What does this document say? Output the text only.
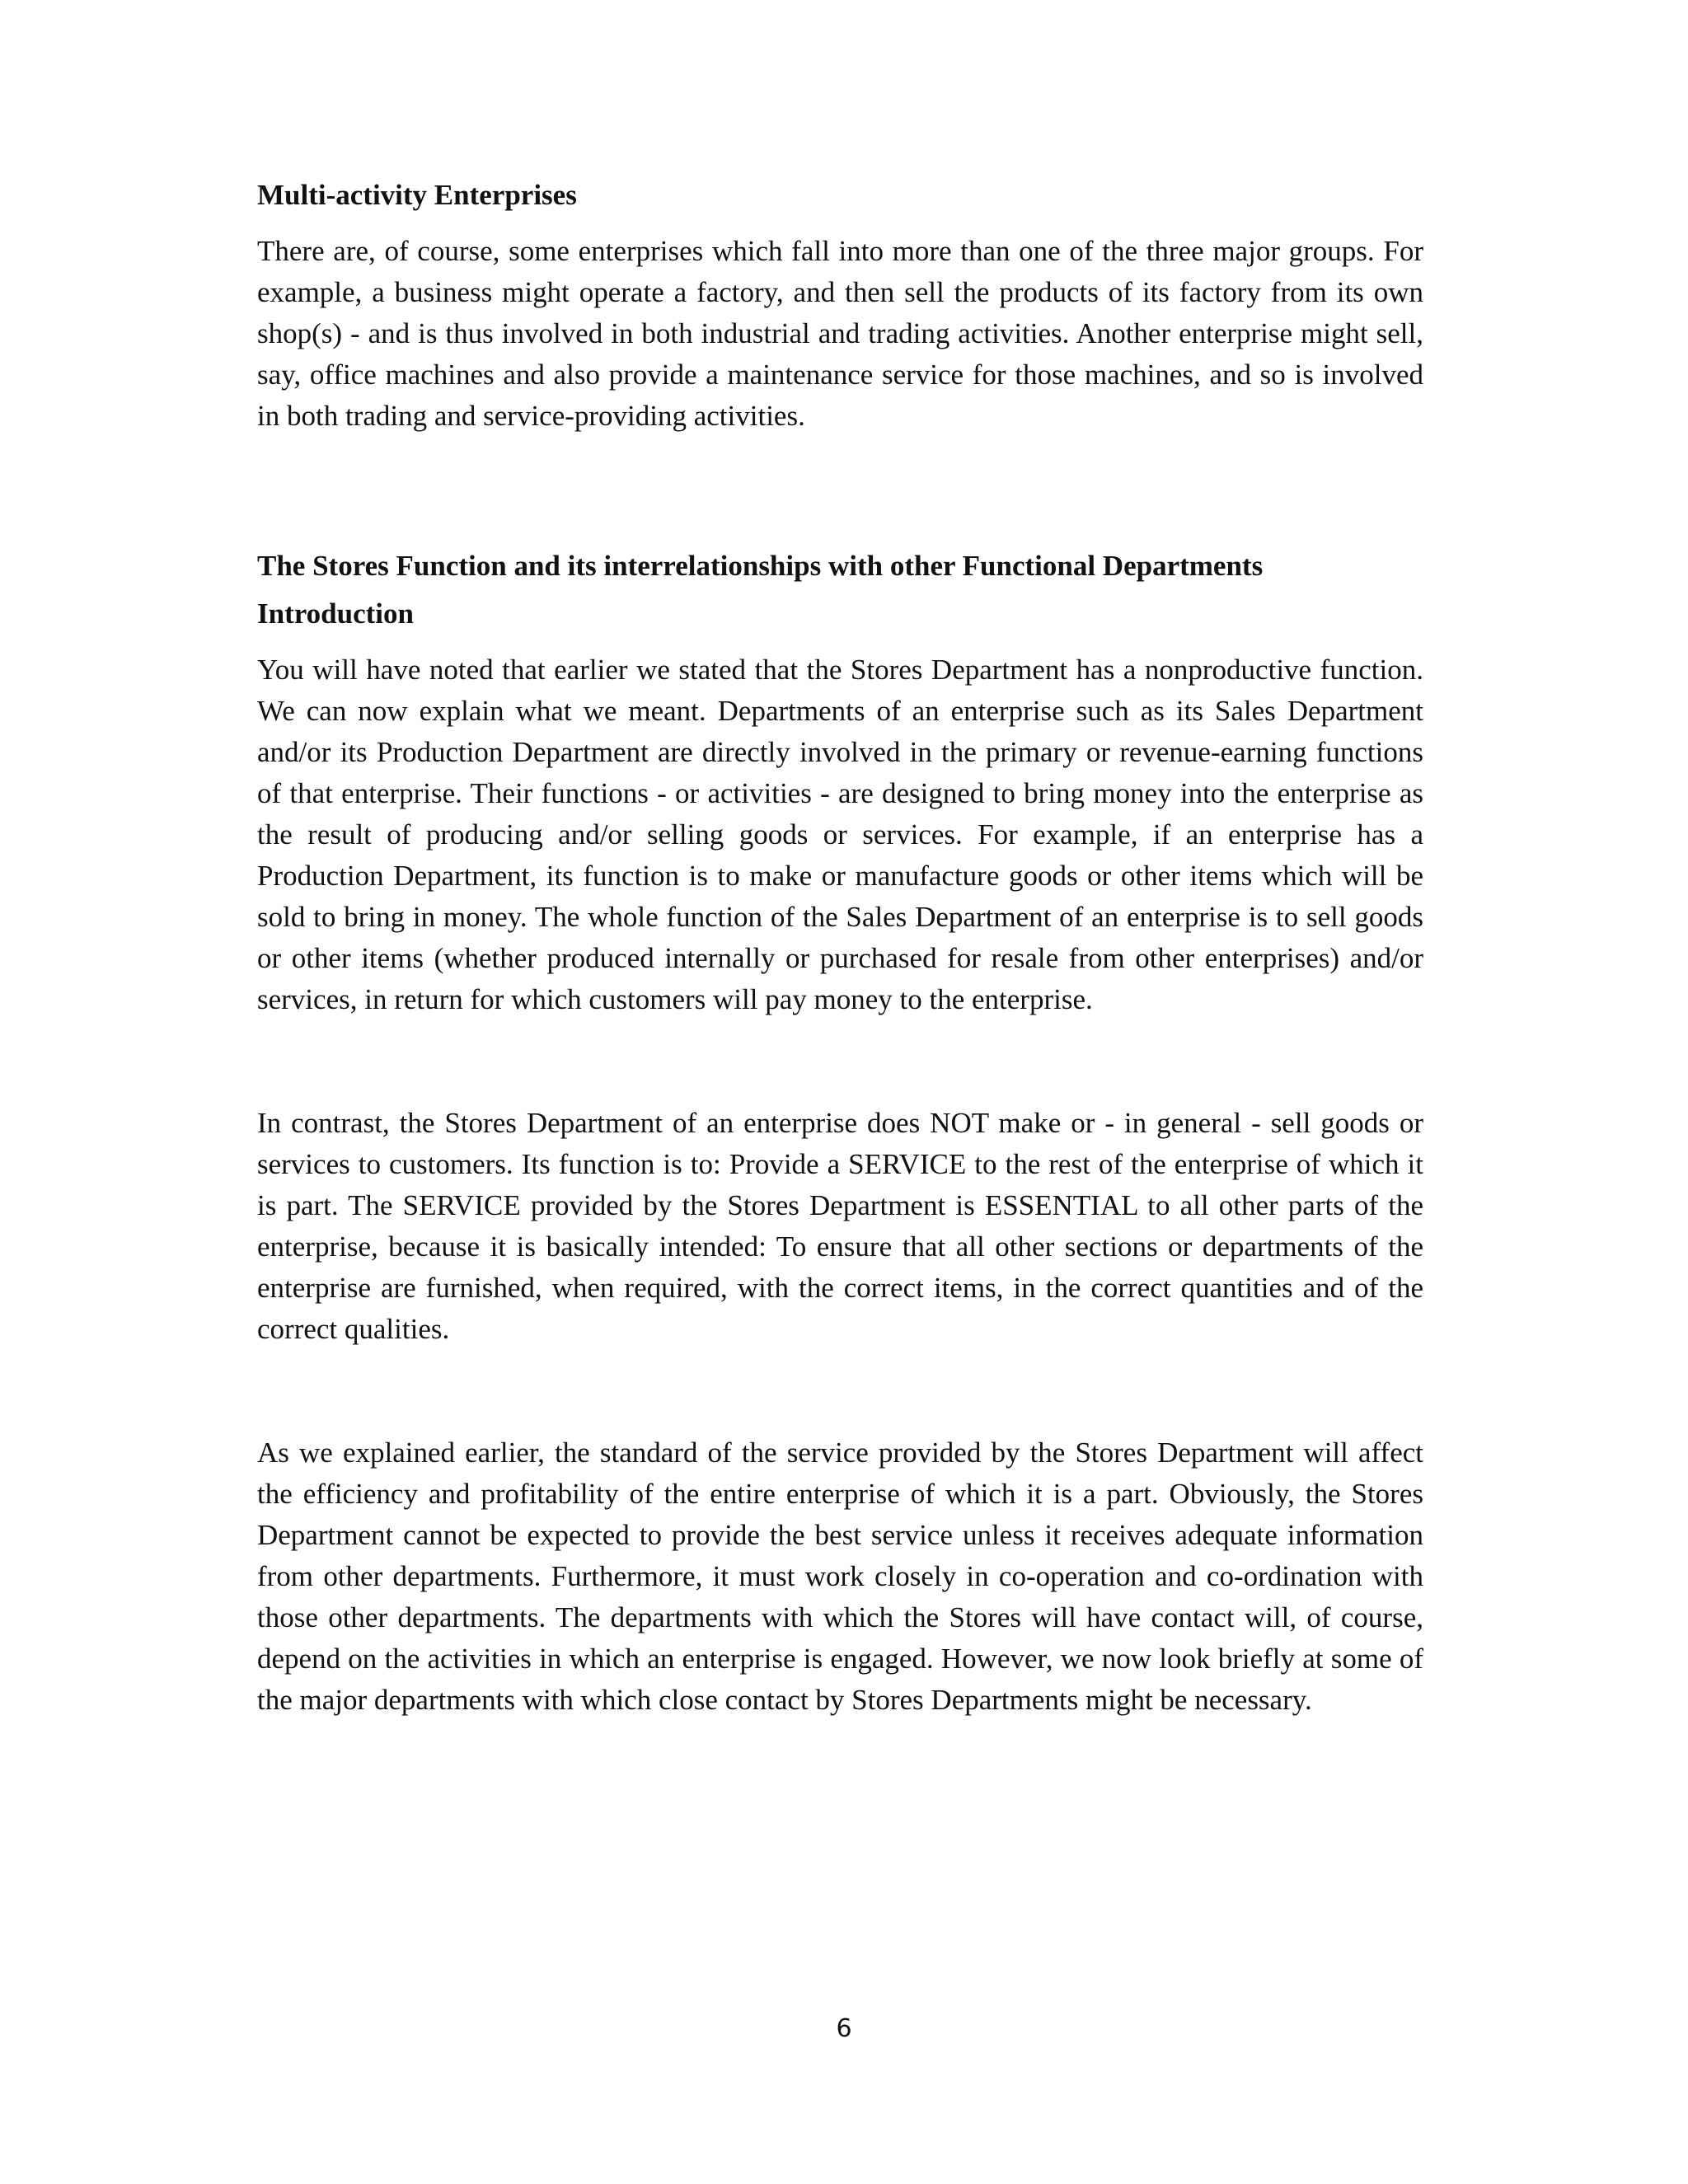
Multi-activity Enterprises

There are, of course, some enterprises which fall into more than one of the three major groups. For example, a business might operate a factory, and then sell the products of its factory from its own shop(s) - and is thus involved in both industrial and trading activities. Another enterprise might sell, say, office machines and also provide a maintenance service for those machines, and so is involved in both trading and service-providing activities.

The Stores Function and its interrelationships with other Functional Departments
Introduction

You will have noted that earlier we stated that the Stores Department has a nonproductive function. We can now explain what we meant. Departments of an enterprise such as its Sales Department and/or its Production Department are directly involved in the primary or revenue-earning functions of that enterprise. Their functions - or activities - are designed to bring money into the enterprise as the result of producing and/or selling goods or services. For example, if an enterprise has a Production Department, its function is to make or manufacture goods or other items which will be sold to bring in money. The whole function of the Sales Department of an enterprise is to sell goods or other items (whether produced internally or purchased for resale from other enterprises) and/or services, in return for which customers will pay money to the enterprise.

In contrast, the Stores Department of an enterprise does NOT make or - in general - sell goods or services to customers. Its function is to: Provide a SERVICE to the rest of the enterprise of which it is part. The SERVICE provided by the Stores Department is ESSENTIAL to all other parts of the enterprise, because it is basically intended: To ensure that all other sections or departments of the enterprise are furnished, when required, with the correct items, in the correct quantities and of the correct qualities.

As we explained earlier, the standard of the service provided by the Stores Department will affect the efficiency and profitability of the entire enterprise of which it is a part. Obviously, the Stores Department cannot be expected to provide the best service unless it receives adequate information from other departments. Furthermore, it must work closely in co-operation and co-ordination with those other departments. The departments with which the Stores will have contact will, of course, depend on the activities in which an enterprise is engaged. However, we now look briefly at some of the major departments with which close contact by Stores Departments might be necessary.

6
